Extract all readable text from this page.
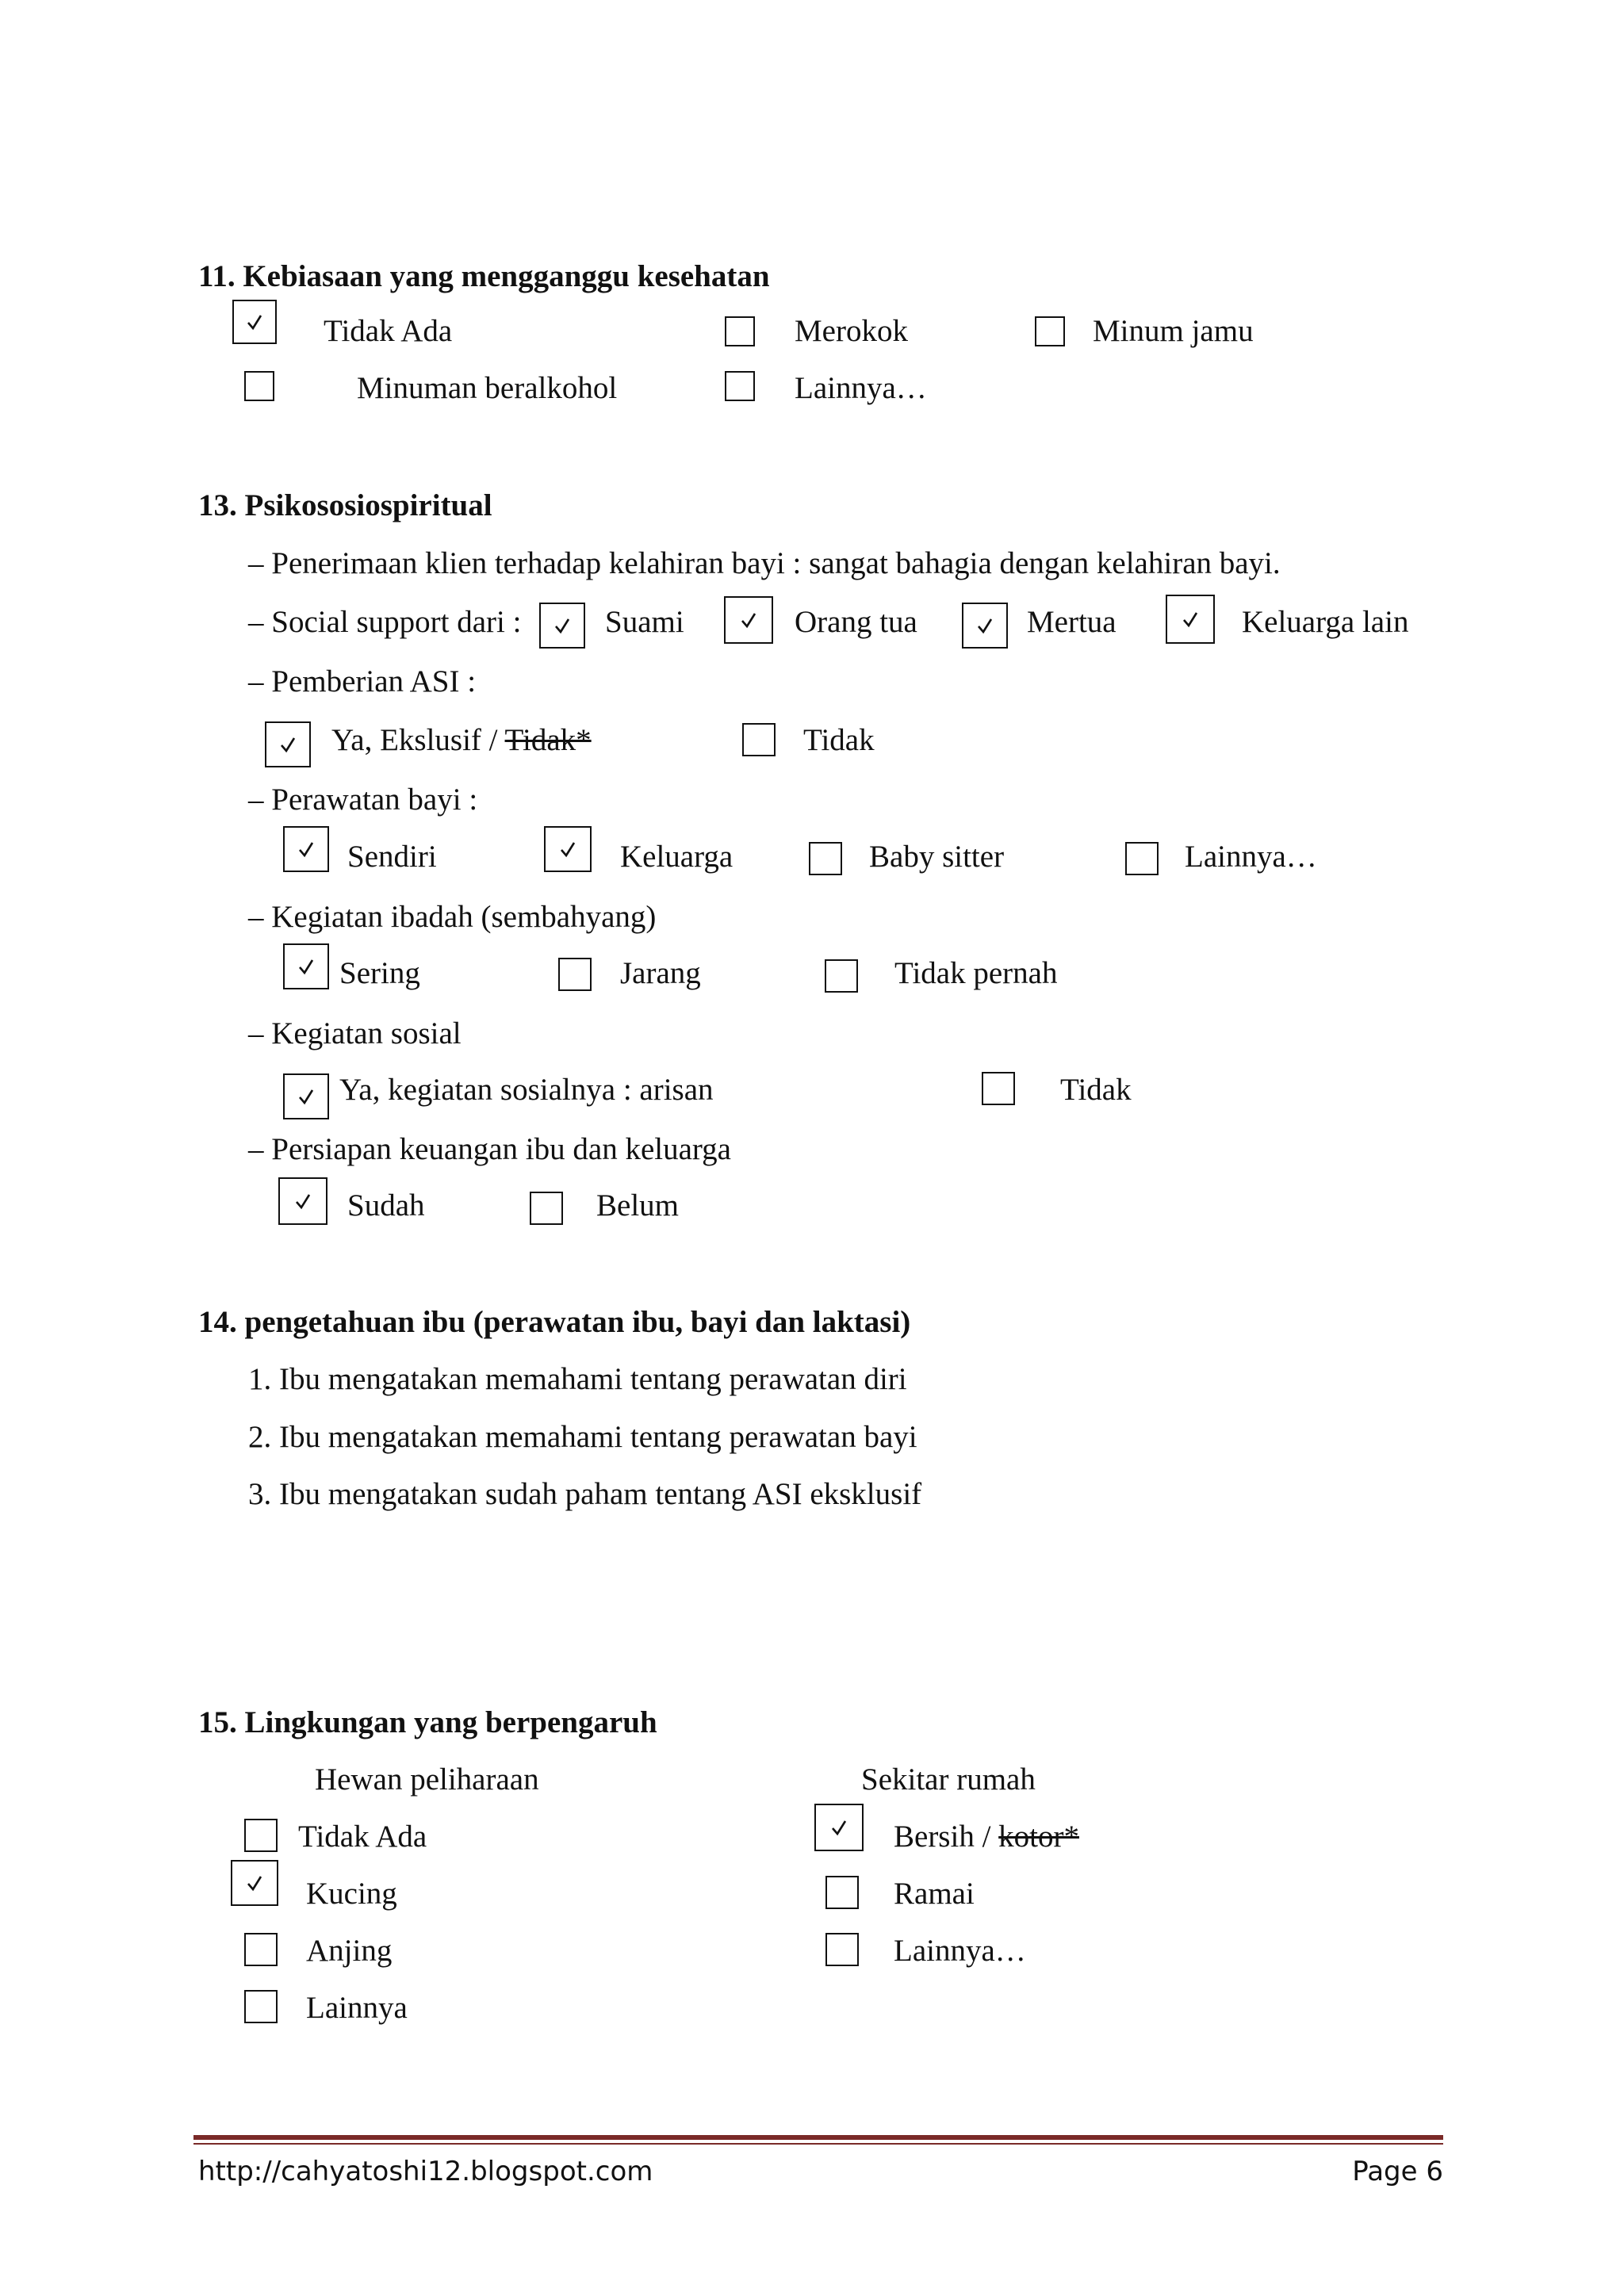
11. Kebiasaan yang mengganggu kesehatan
Tidak Ada	Merokok	Minum jamu
Minuman beralkohol	Lainnya…
13. Psikososiospiritual
– Penerimaan klien terhadap kelahiran bayi : sangat bahagia dengan kelahiran bayi.
– Social support dari :	Suami	Orang tua	Mertua	Keluarga lain
– Pemberian ASI :
Ya, Ekslusif / Tidak*	Tidak
– Perawatan bayi :
Sendiri	Keluarga	Baby sitter	Lainnya…
– Kegiatan ibadah (sembahyang)
Sering	Jarang	Tidak pernah
– Kegiatan sosial
Ya, kegiatan sosialnya : arisan	Tidak
– Persiapan keuangan ibu dan keluarga
Sudah	Belum
14. pengetahuan ibu (perawatan ibu, bayi dan laktasi)
1. Ibu mengatakan memahami tentang perawatan diri
2. Ibu mengatakan memahami tentang perawatan bayi
3. Ibu mengatakan sudah paham tentang ASI eksklusif
15. Lingkungan yang berpengaruh
Hewan peliharaan	Sekitar rumah
Tidak Ada	Bersih / kotor*
Kucing	Ramai
Anjing	Lainnya…
Lainnya
http://cahyatoshi12.blogspot.com	Page 6
